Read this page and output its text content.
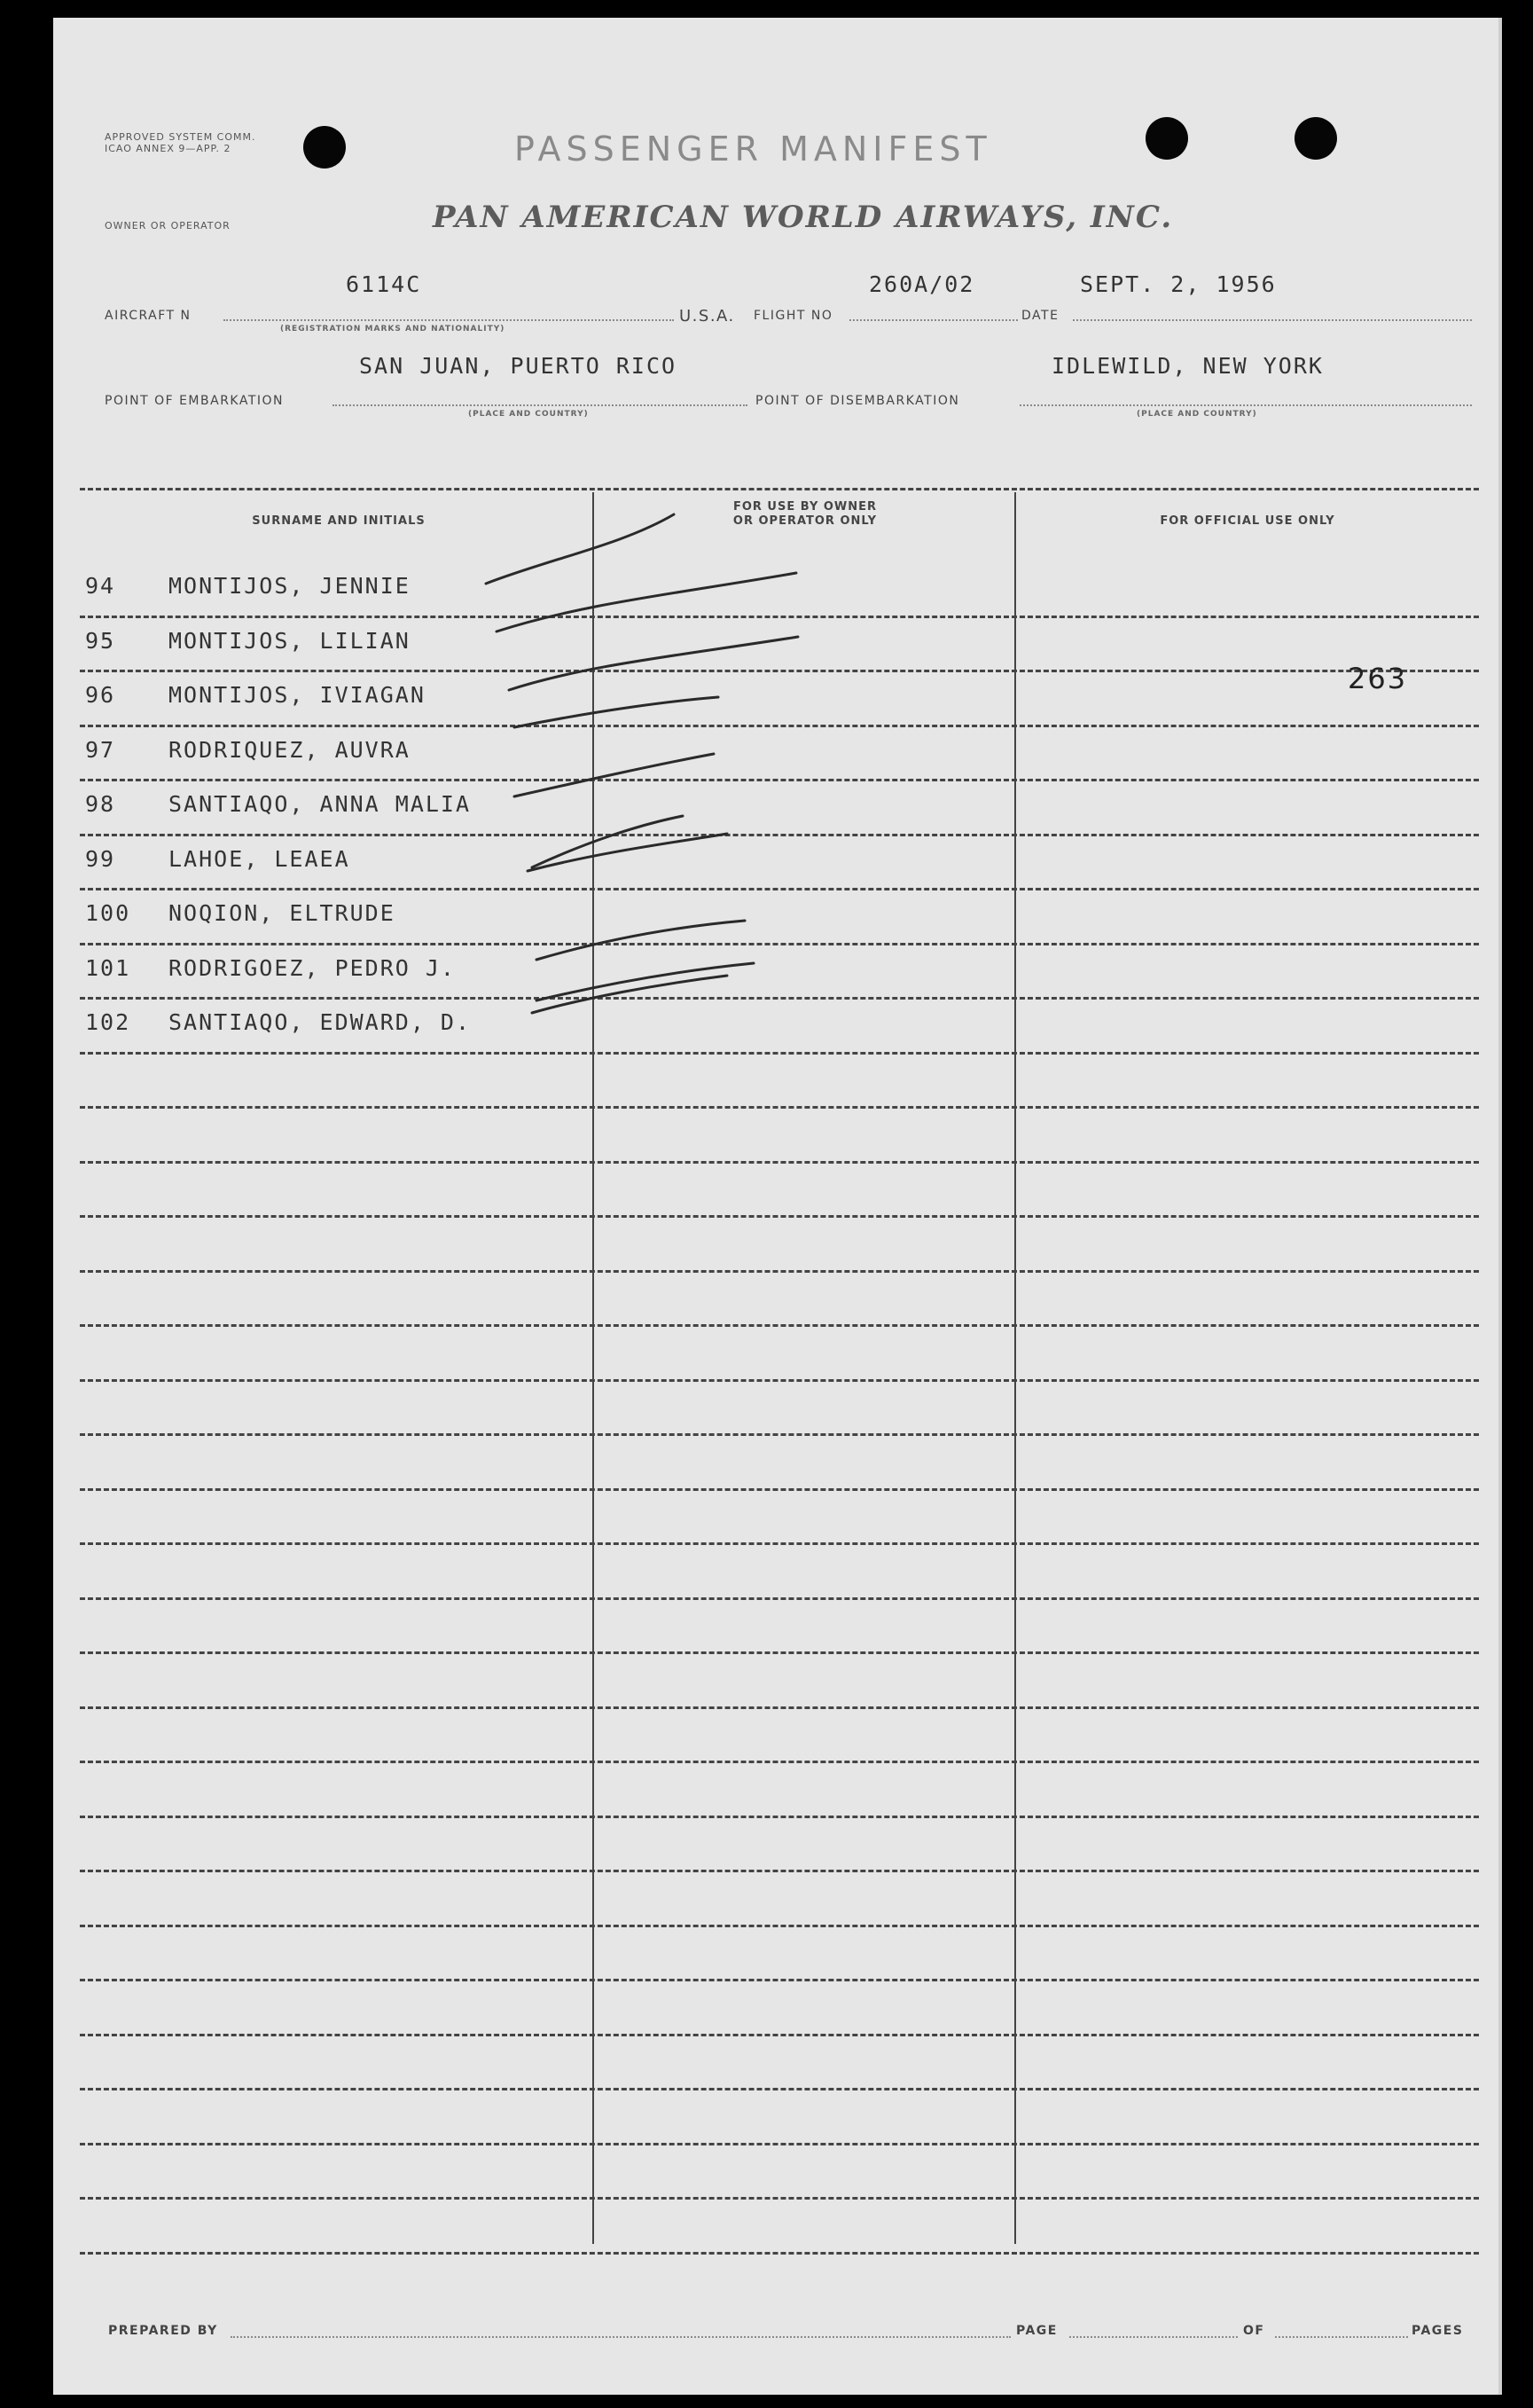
APPROVED SYSTEM COMM. ICAO ANNEX 9—APP. 2
OWNER OR OPERATOR
PASSENGER MANIFEST
PAN AMERICAN WORLD AIRWAYS, INC.
6114C	260A/02	SEPT. 2, 1956
AIRCRAFT N	U.S.A. FLIGHT NO	DATE
(REGISTRATION MARKS AND NATIONALITY)
SAN JUAN, PUERTO RICO	IDLEWILD, NEW YORK
POINT OF EMBARKATION	POINT OF DISEMBARKATION
(PLACE AND COUNTRY)	(PLACE AND COUNTRY)
SURNAME AND INITIALS
FOR USE BY OWNER
OR OPERATOR ONLY	FOR OFFICIAL USE ONLY
94 MONTIJOS, JENNIE
95 MONTIJOS, LILIAN
96 MONTIJOS, IVIAGAN
97 RODRIQUEZ, AUVRA
98 SANTIAQO, ANNA MALIA
99 LAHOE, LEAEA
100 NOQION, ELTRUDE
101 RODRIGOEZ, PEDRO J.
102 SANTIAQO, EDWARD, D.
263
PREPARED BY	PAGE	OF	PAGES
